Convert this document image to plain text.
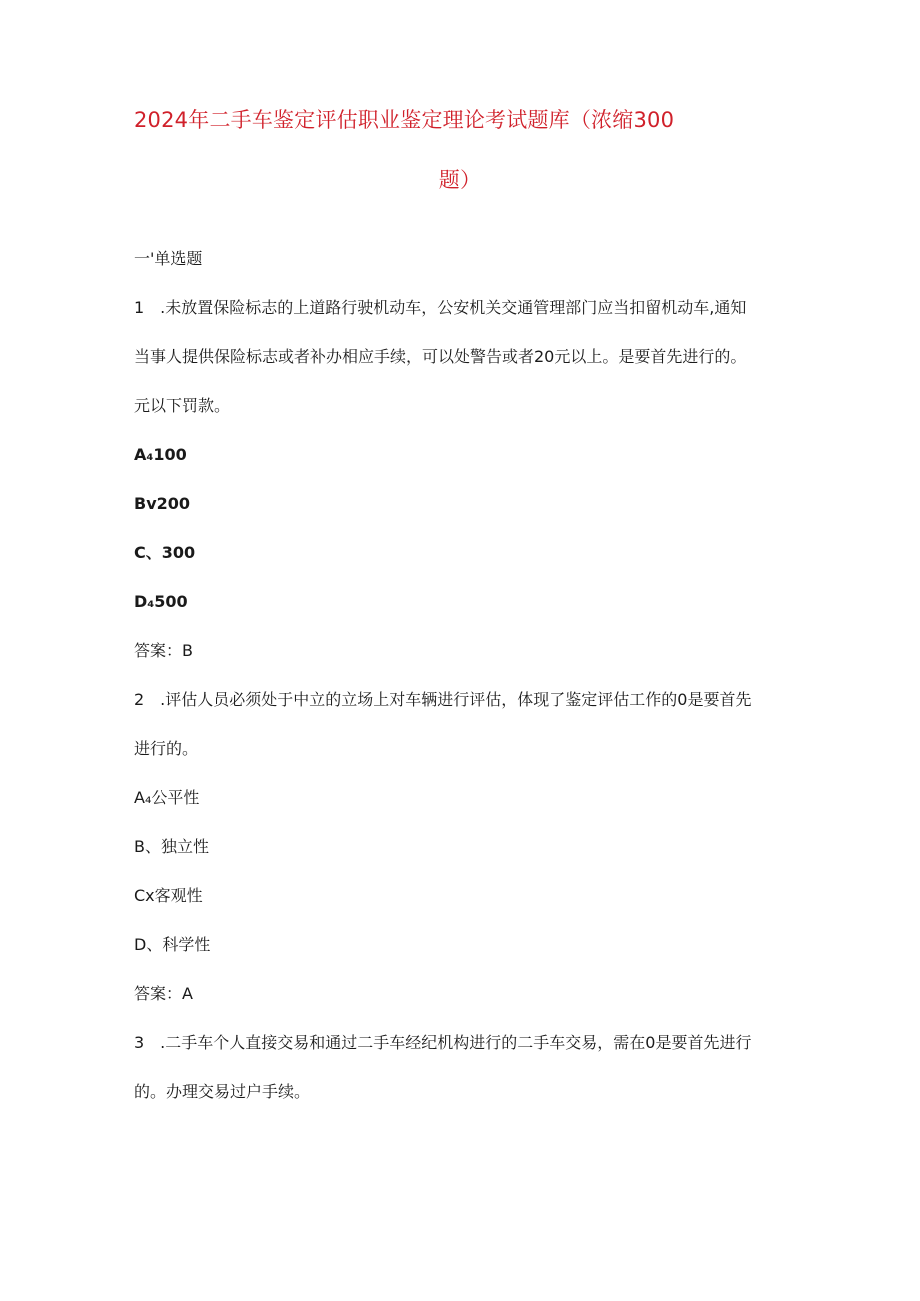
2024年二手车鉴定评估职业鉴定理论考试题库（浓缩300
题）
一'单选题
1　.未放置保险标志的上道路行驶机动车，公安机关交通管理部门应当扣留机动车,通知
当事人提供保险标志或者补办相应手续，可以处警告或者20元以上。是要首先进行的。
元以下罚款。
A₄100
Bv200
C、300
D₄500
答案：B
2　.评估人员必须处于中立的立场上对车辆进行评估，体现了鉴定评估工作的0是要首先
进行的。
A₄公平性
B、独立性
Cx客观性
D、科学性
答案：A
3　.二手车个人直接交易和通过二手车经纪机构进行的二手车交易，需在0是要首先进行
的。办理交易过户手续。
